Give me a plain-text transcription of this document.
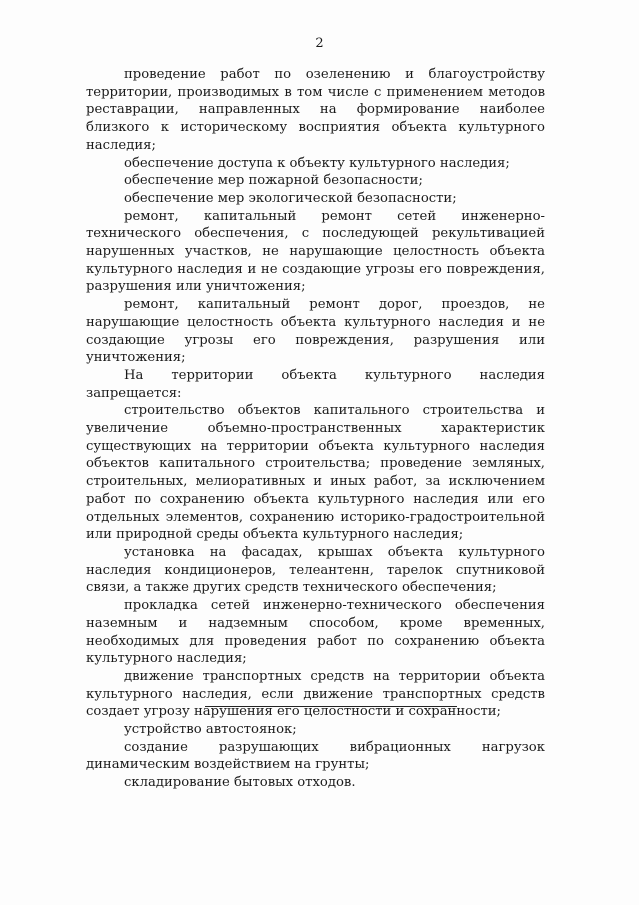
2

проведение работ по озеленению и благоустройству территории, производимых в том числе с применением методов реставрации, направленных на формирование наиболее близкого к историческому восприятия объекта культурного наследия;

обеспечение доступа к объекту культурного наследия;

обеспечение мер пожарной безопасности;

обеспечение мер экологической безопасности;

ремонт, капитальный ремонт сетей инженерно-технического обеспечения, с последующей рекультивацией нарушенных участков, не нарушающие целостность объекта культурного наследия и не создающие угрозы его повреждения, разрушения или уничтожения;

ремонт, капитальный ремонт дорог, проездов, не нарушающие целостность объекта культурного наследия и не создающие угрозы его повреждения, разрушения или уничтожения;

На территории объекта культурного наследия запрещается:

строительство объектов капитального строительства и увеличение объемно-пространственных характеристик существующих на территории объекта культурного наследия объектов капитального строительства; проведение земляных, строительных, мелиоративных и иных работ, за исключением работ по сохранению объекта культурного наследия или его отдельных элементов, сохранению историко-градостроительной или природной среды объекта культурного наследия;

установка на фасадах, крышах объекта культурного наследия кондиционеров, телеантенн, тарелок спутниковой связи, а также других средств технического обеспечения;

прокладка сетей инженерно-технического обеспечения наземным и надземным способом, кроме временных, необходимых для проведения работ по сохранению объекта культурного наследия;

движение транспортных средств на территории объекта культурного наследия, если движение транспортных средств создает угрозу нарушения его целостности и сохранности;

устройство автостоянок;

создание разрушающих вибрационных нагрузок динамическим воздействием на грунты;

складирование бытовых отходов.
